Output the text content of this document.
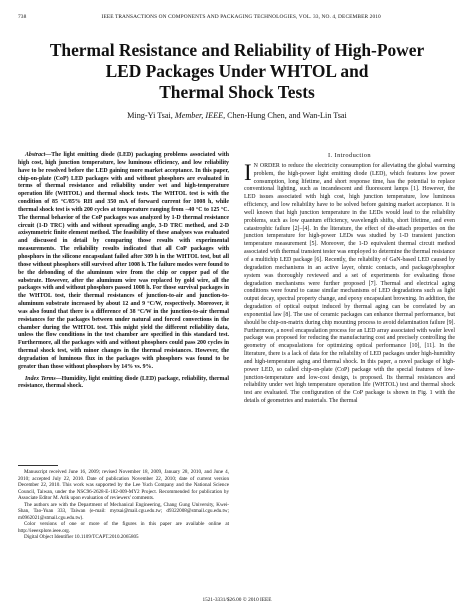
738	IEEE TRANSACTIONS ON COMPONENTS AND PACKAGING TECHNOLOGIES, VOL. 33, NO. 4, DECEMBER 2010
Thermal Resistance and Reliability of High-Power
LED Packages Under WHTOL and
Thermal Shock Tests
Ming-Yi Tsai, Member, IEEE, Chen-Hung Chen, and Wan-Lin Tsai

Abstract—The light emitting diode (LED) packaging problems associated with high cost, high junction temperature, low luminous efficiency, and low reliability have to be resolved before the LED gaining more market acceptance. In this paper, chip-on-plate (CoP) LED packages with and without phosphors are evaluated in terms of thermal resistance and reliability under wet and high-temperature operation life (WHTOL) and thermal shock tests. The WHTOL test is with the condition of 85 °C/85% RH and 350 mA of forward current for 1008 h, while thermal shock test is with 200 cycles at temperature ranging from −40 °C to 125 °C. The thermal behavior of the CoP packages was analyzed by 1-D thermal resistance circuit (1-D TRC) with and without spreading angle, 3-D TRC method, and 2-D axisymmetric finite element method. The feasibility of these analyses was evaluated and discussed in detail by comparing those results with experimental measurements. The reliability results indicated that all CoP packages with phosphors in the silicone encapsulant failed after 309 h in the WHTOL test, but all those without phosphors still survived after 1008 h. The failure modes were found to be the debonding of the aluminum wire from the chip or copper pad of the substrate. However, after the aluminum wire was replaced by gold wire, all the packages with and without phosphors passed 1008 h. For those survival packages in the WHTOL test, their thermal resistances of junction-to-air and junction-to-aluminum substrate increased by about 12 and 9 °C/W, respectively. Moreover, it was also found that there is a difference of 38 °C/W in the junction-to-air thermal resistances for the packages between under natural and forced convections in the chamber during the WHTOL test. This might yield the different reliability data, unless the flow conditions in the test chamber are specified in this standard test. Furthermore, all the packages with and without phosphors could pass 200 cycles in thermal shock test, with minor changes in the thermal resistances. However, the degradation of luminous flux in the packages with phosphors was found to be greater than those without phosphors by 14% vs. 9%.

Index Terms—Humidity, light emitting diode (LED) package, reliability, thermal resistance, thermal shock.

Manuscript received June 16, 2009; revised November 18, 2009, January 28, 2010, and June 4, 2010; accepted July 22, 2010. Date of publication November 22, 2010; date of current version December 22, 2010. This work was supported by the Lee Yuch Company and the National Science Council, Taiwan, under the NSC96-2628-E-182-009-MY2 Project. Recommended for publication by Associate Editor M. Arik upon evaluation of reviewers' comments.

The authors are with the Department of Mechanical Engineering, Chang Gung University, Kwei-Shan, Tao-Yuan 333, Taiwan (e-mail: mytsai@mail.cgu.edu.tw; d9322008@stmail.cgu.edu.tw; m0962021@stmail.cgu.edu.tw).

Color versions of one or more of the figures in this paper are available online at http://ieeexplore.ieee.org.

Digital Object Identifier 10.1109/TCAPT.2010.2065805

I. Introduction

I N ORDER to reduce the electricity consumption for alleviating the global warming problem, the high-power light emitting diode (LED), which features low power consumption, long lifetime, and short response time, has the potential to replace conventional lighting, such as incandescent and fluorescent lamps [1]. However, the LED issues associated with high cost, high junction temperature, low luminous efficiency, and low reliability have to be solved before gaining market acceptance. It is well known that high junction temperature in the LEDs would lead to the reliability problems, such as low quantum efficiency, wavelength shifts, short lifetime, and even catastrophic failure [2]–[4]. In the literature, the effect of die-attach properties on the junction temperature for high-power LEDs was studied by 1-D transient junction temperature measurement [5]. Moreover, the 1-D equivalent thermal circuit method associated with thermal transient tester was employed to determine the thermal resistance of a multichip LED package [6]. Recently, the reliability of GaN-based LED caused by degradation mechanisms in an active layer, ohmic contacts, and package/phosphor system was thoroughly reviewed and a set of experiments for evaluating those degradation mechanisms were further proposed [7]. Thermal and electrical aging conditions were found to cause similar mechanisms of LED degradations such as light output decay, spectral property change, and epoxy encapsulant browning. In addition, the degradation of optical output induced by thermal aging can be correlated by an exponential law [8]. The use of ceramic packages can enhance thermal performance, but should be chip-on-matrix during chip mounting process to avoid delamination failure [9]. Furthermore, a novel encapsulation process for an LED array associated with wafer level package was proposed for reducing the manufacturing cost and precisely controlling the geometry of encapsulations for optimizing optical performance [10], [11]. In the literature, there is a lack of data for the reliability of LED packages under high-humidity and high-temperature aging and thermal shock. In this paper, a novel package of high-power LED, so called chip-on-plate (CoP) package with the special features of low-junction-temperature and low-cost design, is proposed. Its thermal resistances and reliability under wet high temperature operation life (WHTOL) test and thermal shock test are evaluated. The configuration of the CoP package is shown in Fig. 1 with the details of geometries and materials. The thermal

1521-3331/$26.00 © 2010 IEEE
